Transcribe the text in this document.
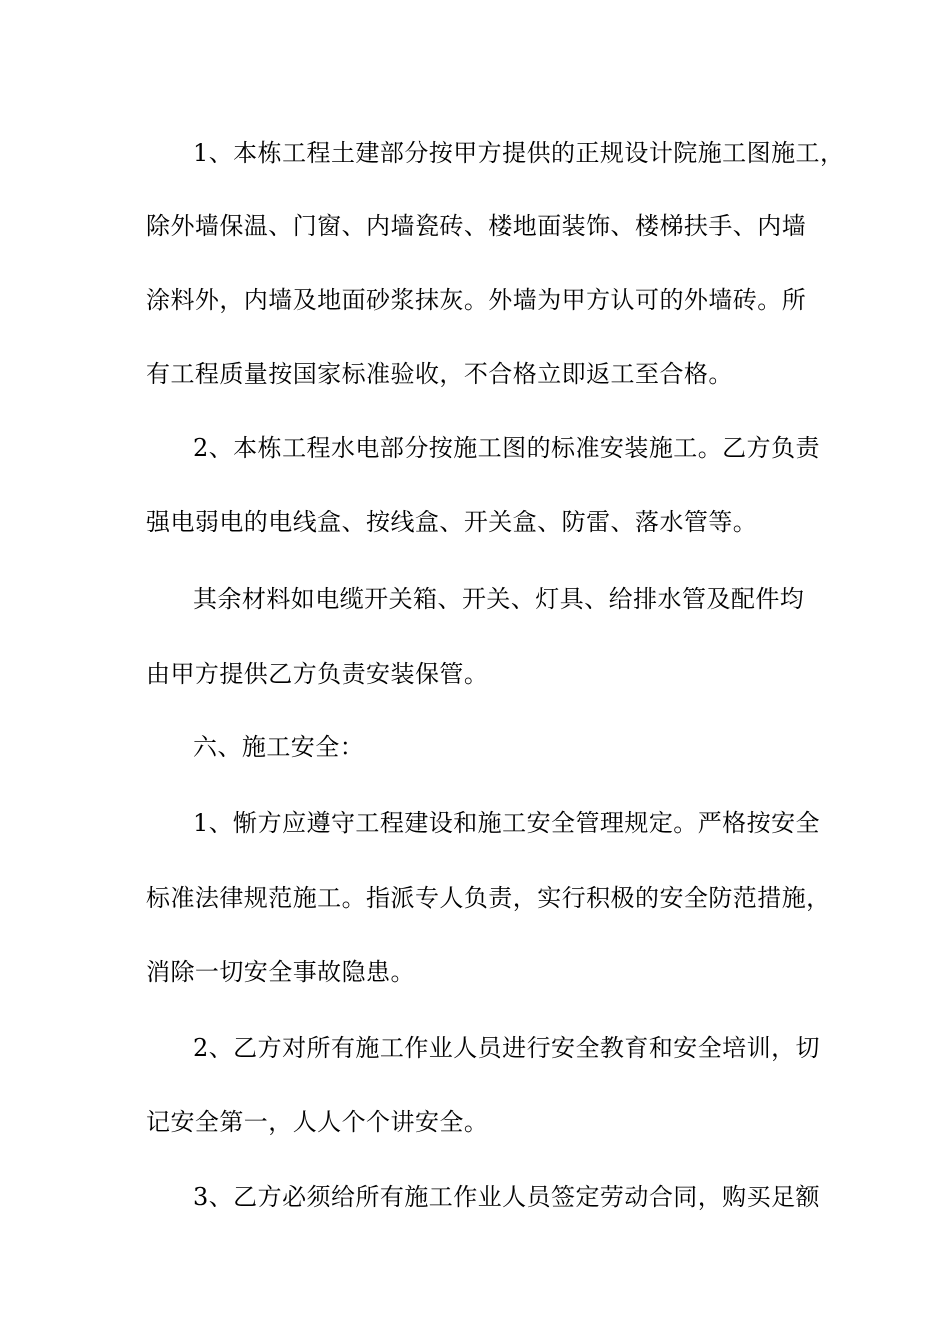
1、本栋工程土建部分按甲方提供的正规设计院施工图施工，
除外墙保温、门窗、内墙瓷砖、楼地面装饰、楼梯扶手、内墙
涂料外，内墙及地面砂浆抹灰。外墙为甲方认可的外墙砖。所
有工程质量按国家标准验收，不合格立即返工至合格。
2、本栋工程水电部分按施工图的标准安装施工。乙方负责
强电弱电的电线盒、按线盒、开关盒、防雷、落水管等。
其余材料如电缆开关箱、开关、灯具、给排水管及配件均
由甲方提供乙方负责安装保管。
六、施工安全：
1、惭方应遵守工程建设和施工安全管理规定。严格按安全
标准法律规范施工。指派专人负责，实行积极的安全防范措施，
消除一切安全事故隐患。
2、乙方对所有施工作业人员进行安全教育和安全培训，切
记安全第一，人人个个讲安全。
3、乙方必须给所有施工作业人员签定劳动合同，购买足额
